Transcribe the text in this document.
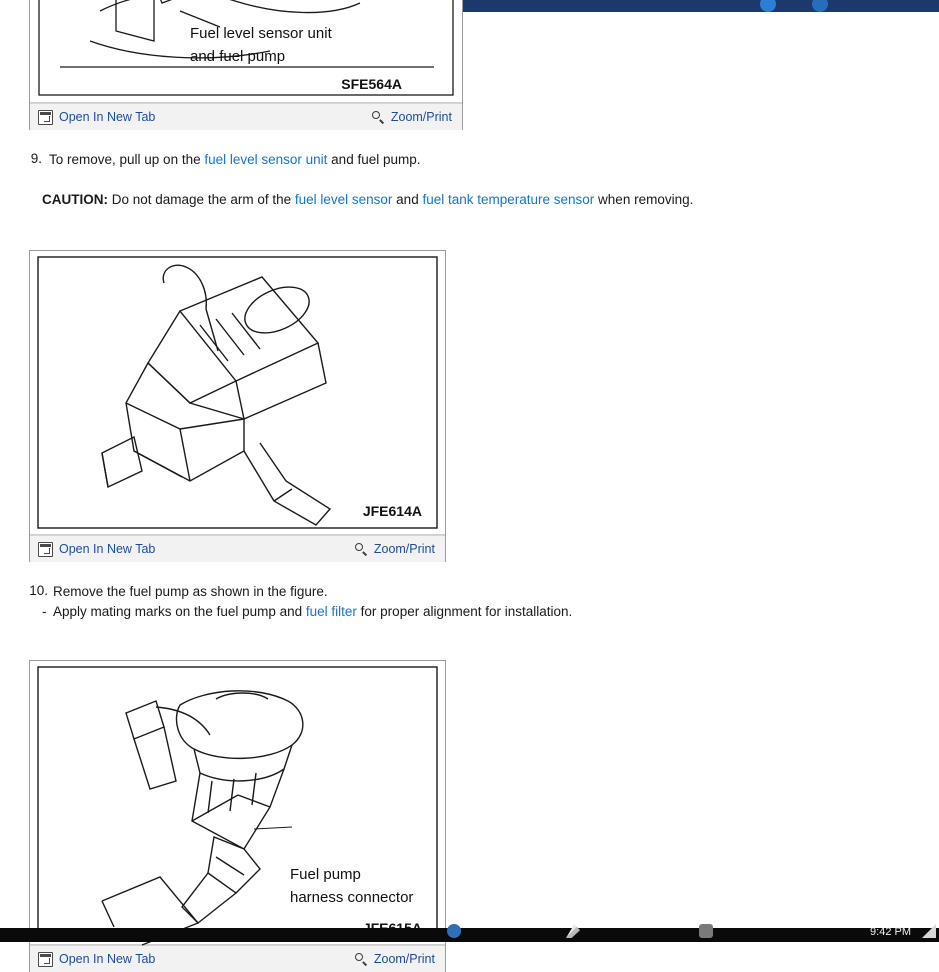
Fuel level sensor unit
and fuel pump
SFE564A
Open In New Tab	Zoom/Print
9. To remove, pull up on the fuel level sensor unit and fuel pump.
CAUTION: Do not damage the arm of the fuel level sensor and fuel tank temperature sensor when removing.
JFE614A
Open In New Tab	Zoom/Print
10. Remove the fuel pump as shown in the figure.
- Apply mating marks on the fuel pump and fuel filter for proper alignment for installation.
Fuel pump
harness connector
Open In New Tab	Zoom/Print
9:42 PM
